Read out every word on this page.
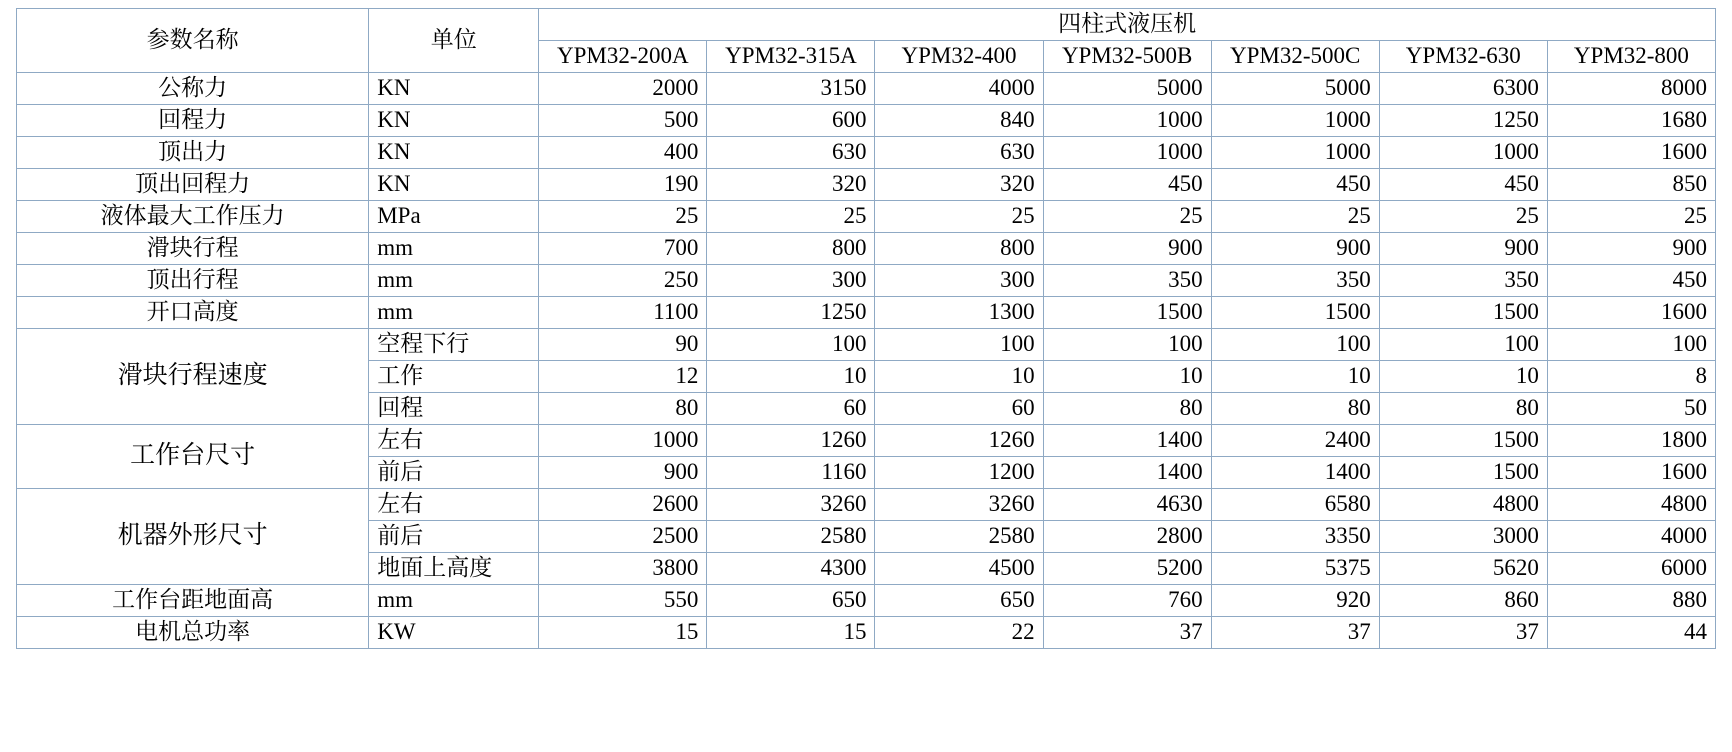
参数名称	单位	四柱式液压机						
		YPM32-200A	YPM32-315A	YPM32-400	YPM32-500B	YPM32-500C	YPM32-630	YPM32-800
公称力	KN	2000	3150	4000	5000	5000	6300	8000
回程力	KN	500	600	840	1000	1000	1250	1680
顶出力	KN	400	630	630	1000	1000	1000	1600
顶出回程力	KN	190	320	320	450	450	450	850
液体最大工作压力	MPa	25	25	25	25	25	25	25
滑块行程	mm	700	800	800	900	900	900	900
顶出行程	mm	250	300	300	350	350	350	450
开口高度	mm	1100	1250	1300	1500	1500	1500	1600
滑块行程速度	空程下行	90	100	100	100	100	100	100
	工作	12	10	10	10	10	10	8
	回程	80	60	60	80	80	80	50
工作台尺寸	左右	1000	1260	1260	1400	2400	1500	1800
	前后	900	1160	1200	1400	1400	1500	1600
机器外形尺寸	左右	2600	3260	3260	4630	6580	4800	4800
	前后	2500	2580	2580	2800	3350	3000	4000
	地面上高度	3800	4300	4500	5200	5375	5620	6000
工作台距地面高	mm	550	650	650	760	920	860	880
电机总功率	KW	15	15	22	37	37	37	44
